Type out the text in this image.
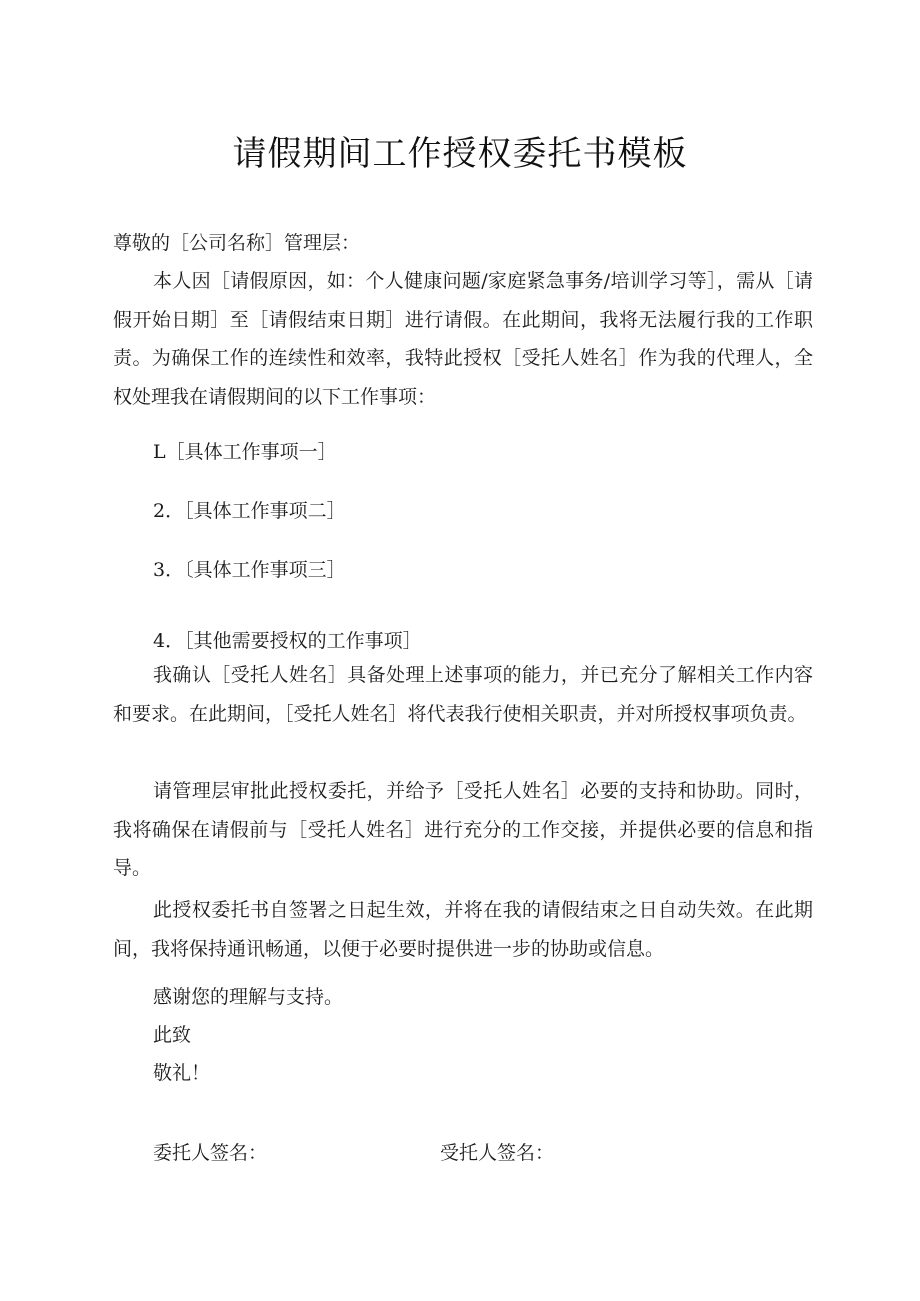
请假期间工作授权委托书模板
尊敬的［公司名称］管理层：

本人因［请假原因，如：个人健康问题/家庭紧急事务/培训学习等］，需从［请假开始日期］至［请假结束日期］进行请假。在此期间，我将无法履行我的工作职责。为确保工作的连续性和效率，我特此授权［受托人姓名］作为我的代理人，全权处理我在请假期间的以下工作事项：

L［具体工作事项一］
2．［具体工作事项二］
3．〔具体工作事项三］
4．［其他需要授权的工作事项］

我确认［受托人姓名］具备处理上述事项的能力，并已充分了解相关工作内容和要求。在此期间，［受托人姓名］将代表我行使相关职责，并对所授权事项负责。

请管理层审批此授权委托，并给予［受托人姓名］必要的支持和协助。同时，我将确保在请假前与［受托人姓名］进行充分的工作交接，并提供必要的信息和指导。

此授权委托书自签署之日起生效，并将在我的请假结束之日自动失效。在此期间，我将保持通讯畅通，以便于必要时提供进一步的协助或信息。

感谢您的理解与支持。
此致
敬礼！
委托人签名：	受托人签名：
